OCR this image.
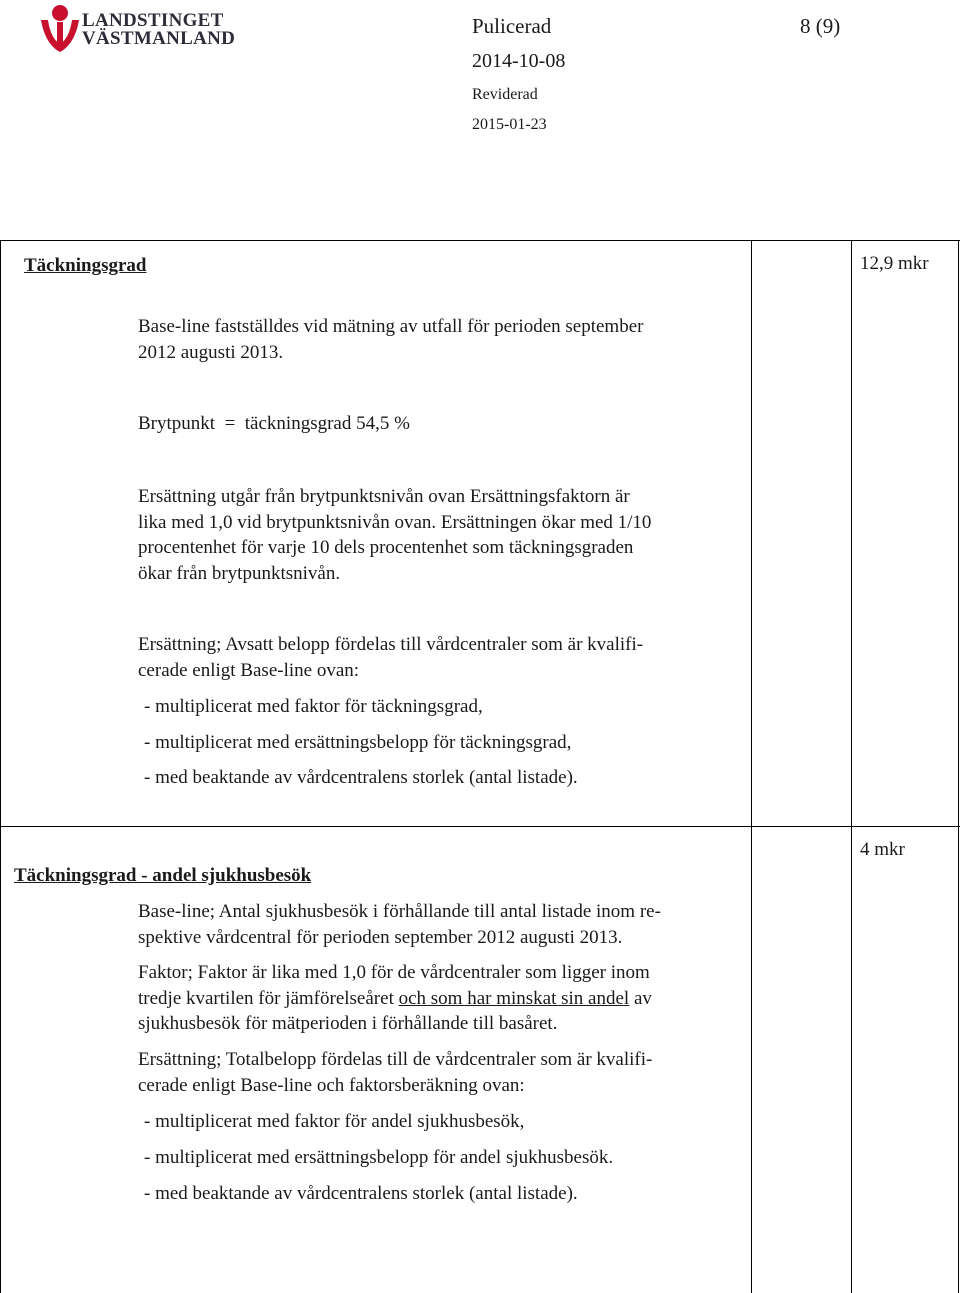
LANDSTINGET
VÄSTMANLAND
Pulicerad	8 (9)
2014-10-08
Reviderad
2015-01-23
Täckningsgrad	12,9 mkr
Base-line fastställdes vid mätning av utfall för perioden september
2012 augusti 2013.
Brytpunkt = täckningsgrad 54,5 %
Ersättning utgår från brytpunktsnivån ovan Ersättningsfaktorn är
lika med 1,0 vid brytpunktsnivån ovan. Ersättningen ökar med 1/10
procentenhet för varje 10 dels procentenhet som täckningsgraden
ökar från brytpunktsnivån.
Ersättning; Avsatt belopp fördelas till vårdcentraler som är kvalifi-
cerade enligt Base-line ovan:
- multiplicerat med faktor för täckningsgrad,
- multiplicerat med ersättningsbelopp för täckningsgrad,
- med beaktande av vårdcentralens storlek (antal listade).
4 mkr
Täckningsgrad - andel sjukhusbesök
Base-line; Antal sjukhusbesök i förhållande till antal listade inom re-
spektive vårdcentral för perioden september 2012 augusti 2013.
Faktor; Faktor är lika med 1,0 för de vårdcentraler som ligger inom
tredje kvartilen för jämförelseåret och som har minskat sin andel av
sjukhusbesök för mätperioden i förhållande till basåret.
Ersättning; Totalbelopp fördelas till de vårdcentraler som är kvalifi-
cerade enligt Base-line och faktorsberäkning ovan:
- multiplicerat med faktor för andel sjukhusbesök,
- multiplicerat med ersättningsbelopp för andel sjukhusbesök.
- med beaktande av vårdcentralens storlek (antal listade).
